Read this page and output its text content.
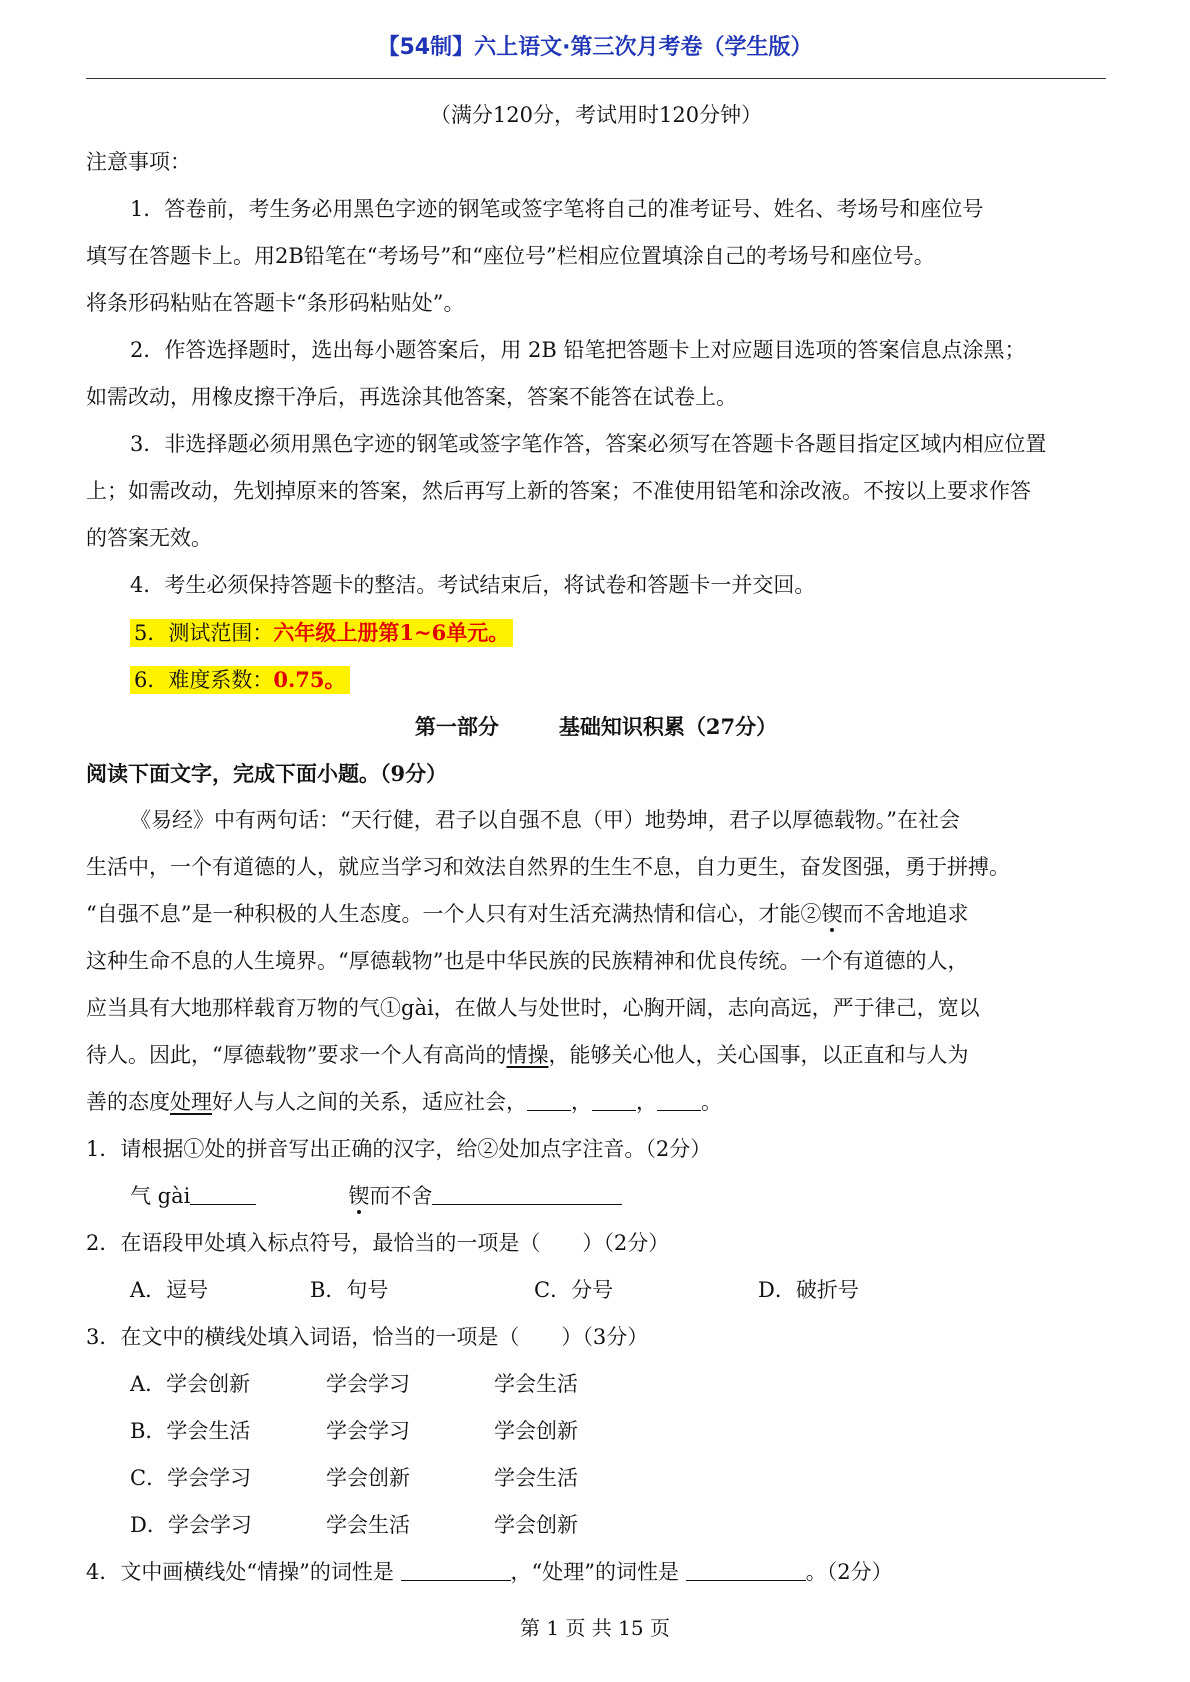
【54制】六上语文·第三次月考卷（学生版）
（满分120分，考试用时120分钟）
注意事项：
1．答卷前，考生务必用黑色字迹的钢笔或签字笔将自己的准考证号、姓名、考场号和座位号
填写在答题卡上。用2B铅笔在“考场号”和“座位号”栏相应位置填涂自己的考场号和座位号。
将条形码粘贴在答题卡“条形码粘贴处”。
2．作答选择题时，选出每小题答案后，用 2B 铅笔把答题卡上对应题目选项的答案信息点涂黑；
如需改动，用橡皮擦干净后，再选涂其他答案，答案不能答在试卷上。
3．非选择题必须用黑色字迹的钢笔或签字笔作答，答案必须写在答题卡各题目指定区域内相应位置
上；如需改动，先划掉原来的答案，然后再写上新的答案；不准使用铅笔和涂改液。不按以上要求作答
的答案无效。
4．考生必须保持答题卡的整洁。考试结束后，将试卷和答题卡一并交回。
5．测试范围：六年级上册第1~6单元。
6．难度系数：0.75。
第一部分	基础知识积累（27分）
阅读下面文字，完成下面小题。（9分）
《易经》中有两句话：“天行健，君子以自强不息（甲）地势坤，君子以厚德载物。”在社会
生活中，一个有道德的人，就应当学习和效法自然界的生生不息，自力更生，奋发图强，勇于拼搏。
“自强不息”是一种积极的人生态度。一个人只有对生活充满热情和信心，才能②锲而不舍地追求
这种生命不息的人生境界。“厚德载物”也是中华民族的民族精神和优良传统。一个有道德的人，
应当具有大地那样载育万物的气①gài，在做人与处世时，心胸开阔，志向高远，严于律己，宽以
待人。因此，“厚德载物”要求一个人有高尚的情操，能够关心他人，关心国事，以正直和与人为
善的态度处理好人与人之间的关系，适应社会， ， ， 。
1．请根据①处的拼音写出正确的汉字，给②处加点字注音。（2分）
气 gài	锲而不舍
2．在语段甲处填入标点符号，最恰当的一项是（　　）（2分）
A．逗号	B．句号	C．分号	D．破折号
3．在文中的横线处填入词语，恰当的一项是（　　）（3分）
A．学会创新	学会学习	学会生活
B．学会生活	学会学习	学会创新
C．学会学习	学会创新	学会生活
D．学会学习	学会生活	学会创新
4．文中画横线处“情操”的词性是	，“处理”的词性是	。（2分）
第 1 页 共 15 页
